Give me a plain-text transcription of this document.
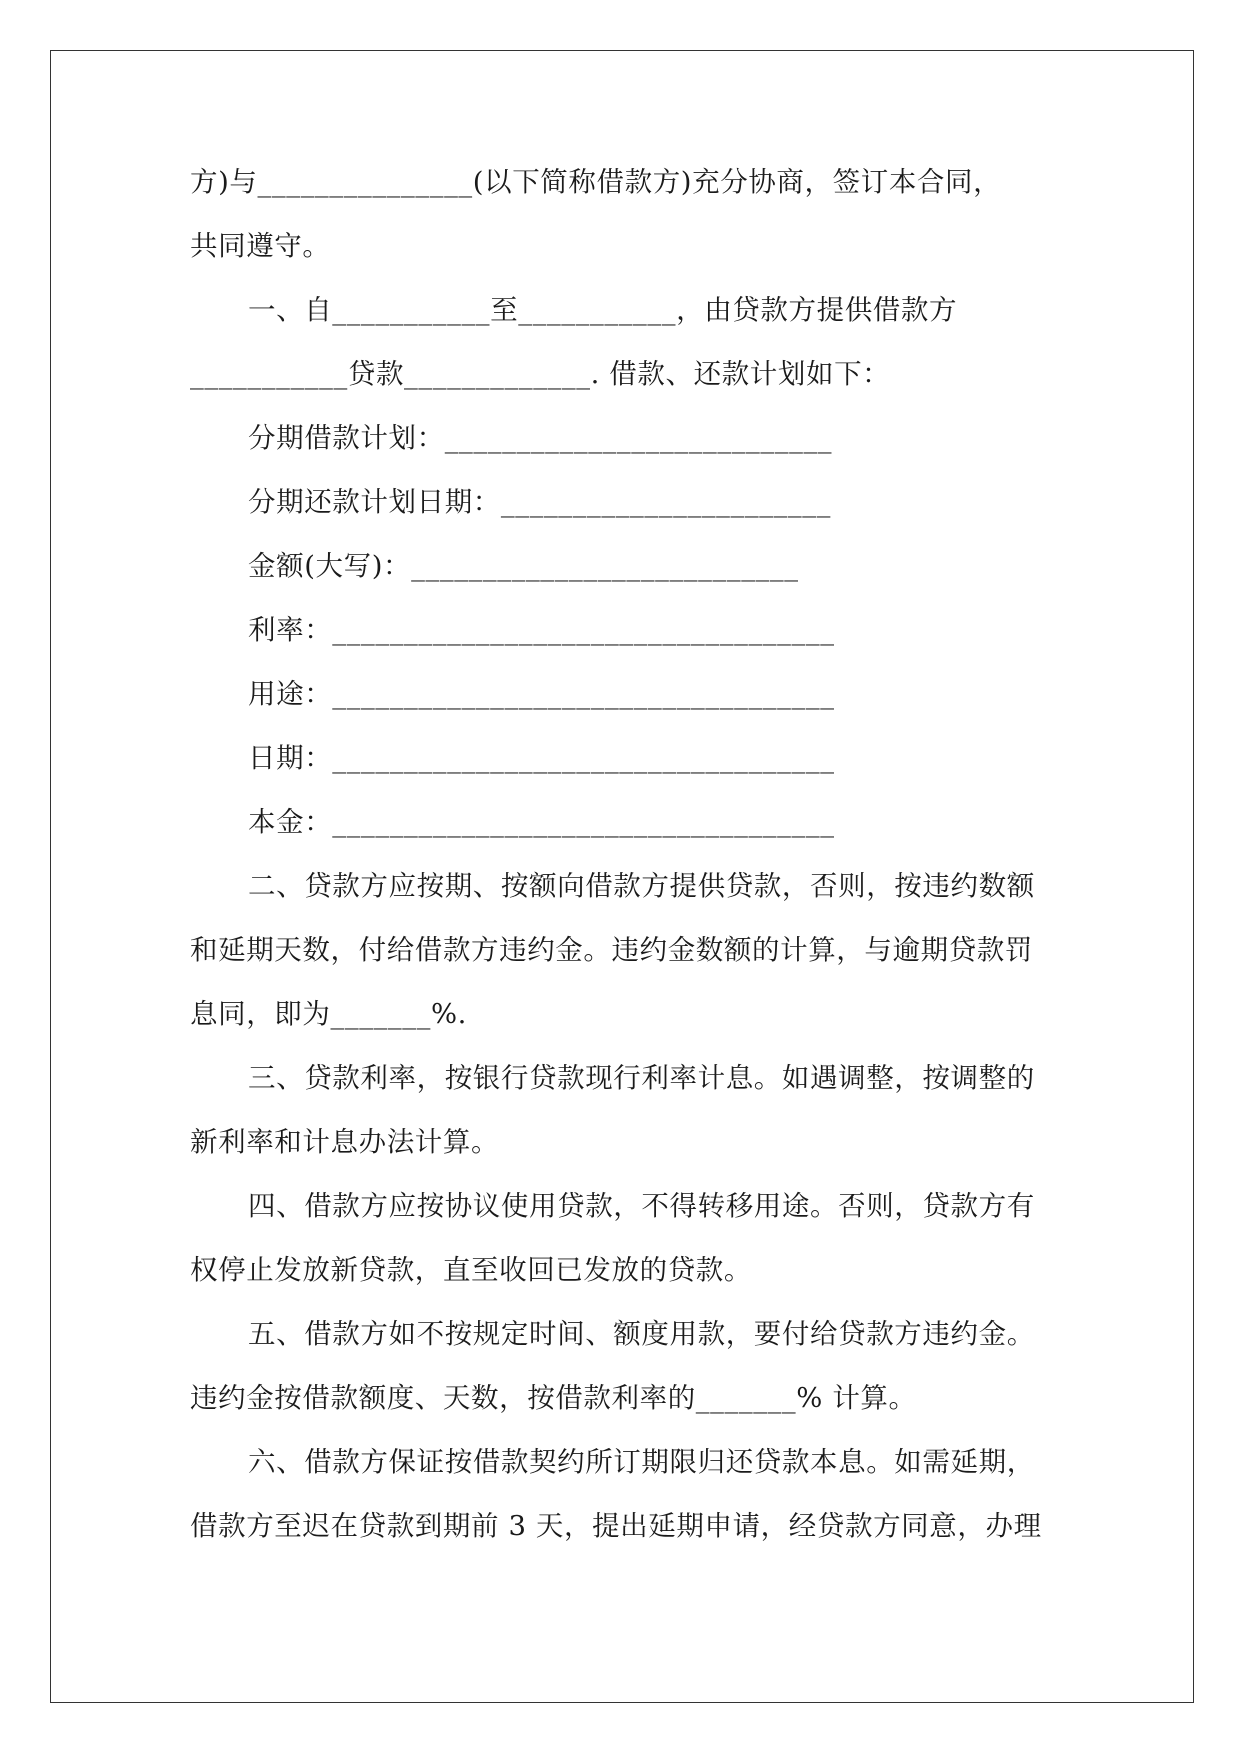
方)与_______________(以下简称借款方)充分协商，签订本合同，
共同遵守。
一、自___________至___________，由贷款方提供借款方
___________贷款_____________. 借款、还款计划如下：
分期借款计划：___________________________
分期还款计划日期：_______________________
金额(大写)：___________________________
利率：___________________________________
用途：___________________________________
日期：___________________________________
本金：___________________________________
二、贷款方应按期、按额向借款方提供贷款，否则，按违约数额
和延期天数，付给借款方违约金。违约金数额的计算，与逾期贷款罚
息同，即为_______%.
三、贷款利率，按银行贷款现行利率计息。如遇调整，按调整的
新利率和计息办法计算。
四、借款方应按协议使用贷款，不得转移用途。否则，贷款方有
权停止发放新贷款，直至收回已发放的贷款。
五、借款方如不按规定时间、额度用款，要付给贷款方违约金。
违约金按借款额度、天数，按借款利率的_______% 计算。
六、借款方保证按借款契约所订期限归还贷款本息。如需延期，
借款方至迟在贷款到期前 3 天，提出延期申请，经贷款方同意，办理
